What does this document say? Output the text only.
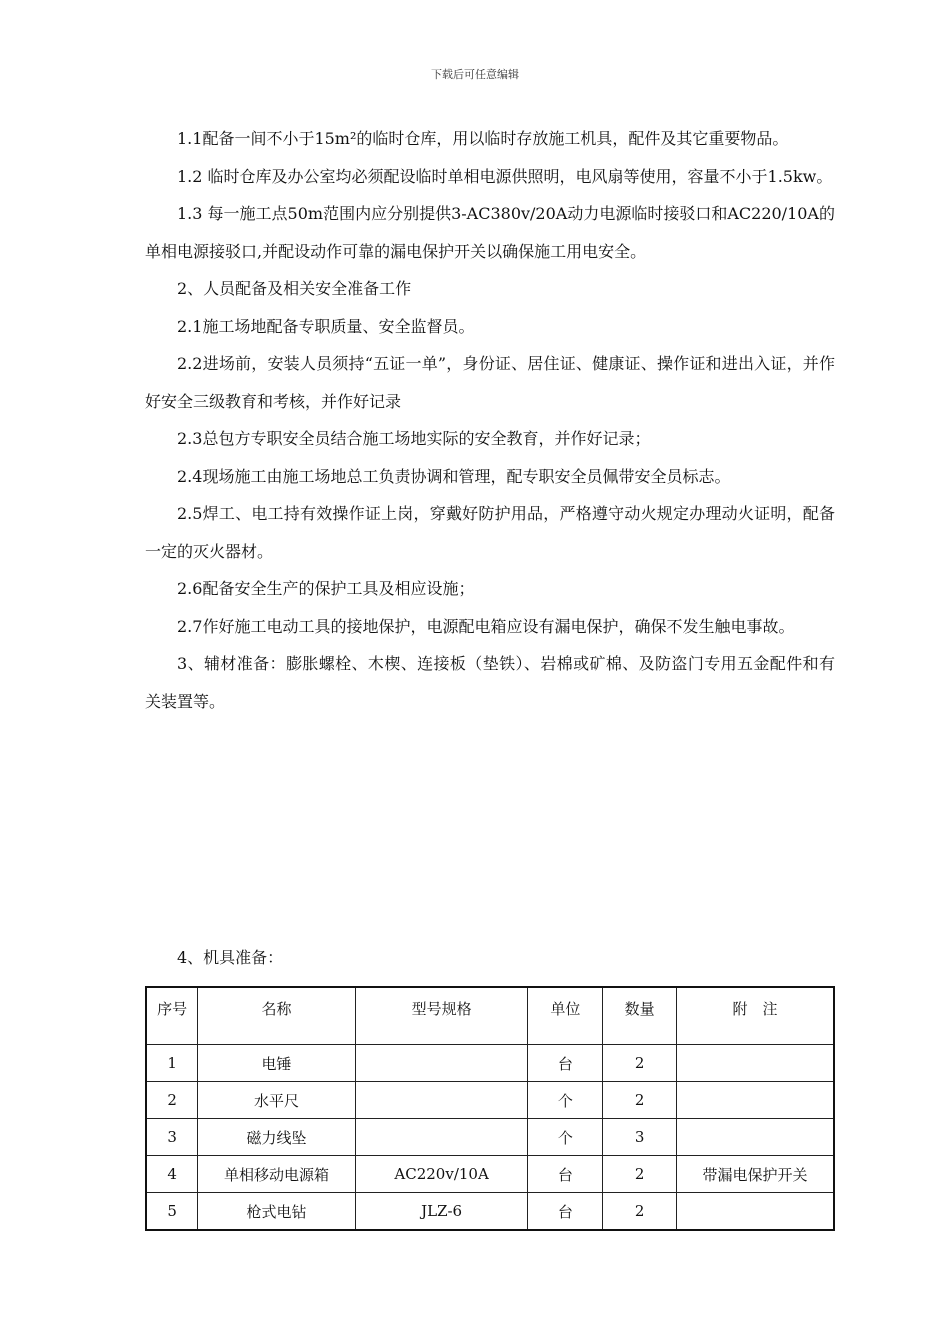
下载后可任意编辑

1.1配备一间不小于15m²的临时仓库，用以临时存放施工机具，配件及其它重要物品。

1.2 临时仓库及办公室均必须配设临时单相电源供照明，电风扇等使用，容量不小于1.5kw。

1.3 每一施工点50m范围内应分别提供3-AC380v/20A动力电源临时接驳口和AC220/10A的单相电源接驳口,并配设动作可靠的漏电保护开关以确保施工用电安全。

2、人员配备及相关安全准备工作

2.1施工场地配备专职质量、安全监督员。

2.2进场前，安装人员须持“五证一单”，身份证、居住证、健康证、操作证和进出入证，并作好安全三级教育和考核，并作好记录

2.3总包方专职安全员结合施工场地实际的安全教育，并作好记录；

2.4现场施工由施工场地总工负责协调和管理，配专职安全员佩带安全员标志。

2.5焊工、电工持有效操作证上岗，穿戴好防护用品，严格遵守动火规定办理动火证明，配备一定的灭火器材。

2.6配备安全生产的保护工具及相应设施；

2.7作好施工电动工具的接地保护，电源配电箱应设有漏电保护，确保不发生触电事故。

3、辅材准备：膨胀螺栓、木楔、连接板（垫铁）、岩棉或矿棉、及防盗门专用五金配件和有关装置等。

4、机具准备：
序号	名称	型号规格	单位	数量	附　注
1	电锤		台	2	
2	水平尺		个	2	
3	磁力线坠		个	3	
4	单相移动电源箱	AC220v/10A	台	2	带漏电保护开关
5	枪式电钻	JLZ-6	台	2	
